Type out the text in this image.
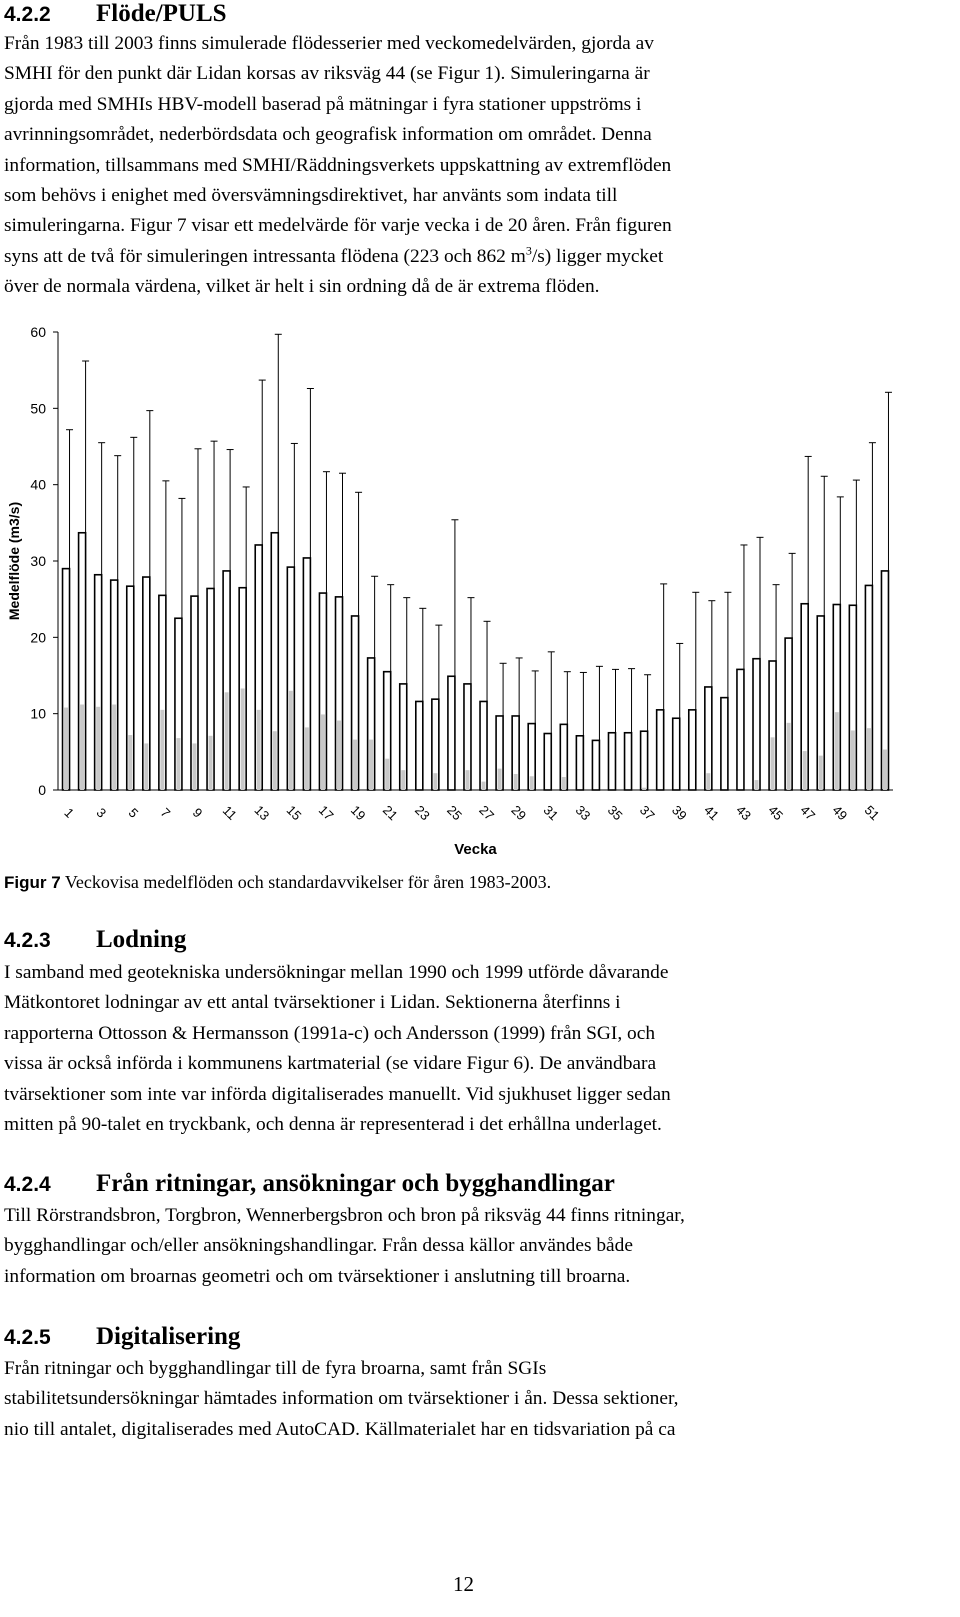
4.2.2 Flöde/PULS
Från 1983 till 2003 finns simulerade flödesserier med veckomedelvärden, gjorda av
SMHI för den punkt där Lidan korsas av riksväg 44 (se Figur 1). Simuleringarna är
gjorda med SMHIs HBV-modell baserad på mätningar i fyra stationer uppströms i
avrinningsområdet, nederbördsdata och geografisk information om området. Denna
information, tillsammans med SMHI/Räddningsverkets uppskattning av extremflöden
som behövs i enighet med översvämningsdirektivet, har använts som indata till
simuleringarna. Figur 7 visar ett medelvärde för varje vecka i de 20 åren. Från figuren
syns att de två för simuleringen intressanta flödena (223 och 862 $m^3/s$) ligger mycket
över de normala värdena, vilket är helt i sin ordning då de är extrema flöden.
0
10
20
30
40
50
60
Medelflöde (m3/s)
Vecka
1 3 5 7 9 11 13 15 17 19 21 23 25 27 29 31 33 35 37 39 41 43 45 47 49 51

Figur 7 Veckovisa medelflöden och standardavvikelser för åren 1983-2003.

4.2.3 Lodning
I samband med geotekniska undersökningar mellan 1990 och 1999 utförde dåvarande
Mätkontoret lodningar av ett antal tvärsektioner i Lidan. Sektionerna återfinns i
rapporterna Ottosson & Hermansson (1991a-c) och Andersson (1999) från SGI, och
vissa är också införda i kommunens kartmaterial (se vidare Figur 6). De användbara
tvärsektioner som inte var införda digitaliserades manuellt. Vid sjukhuset ligger sedan
mitten på 90-talet en tryckbank, och denna är representerad i det erhållna underlaget.
4.2.4 Från ritningar, ansökningar och bygghandlingar
Till Rörstrandsbron, Torgbron, Wennerbergsbron och bron på riksväg 44 finns ritningar,
bygghandlingar och/eller ansökningshandlingar. Från dessa källor användes både
information om broarnas geometri och om tvärsektioner i anslutning till broarna.
4.2.5 Digitalisering
Från ritningar och bygghandlingar till de fyra broarna, samt från SGIs
stabilitetsundersökningar hämtades information om tvärsektioner i ån. Dessa sektioner,
nio till antalet, digitaliserades med AutoCAD. Källmaterialet har en tidsvariation på ca
12
